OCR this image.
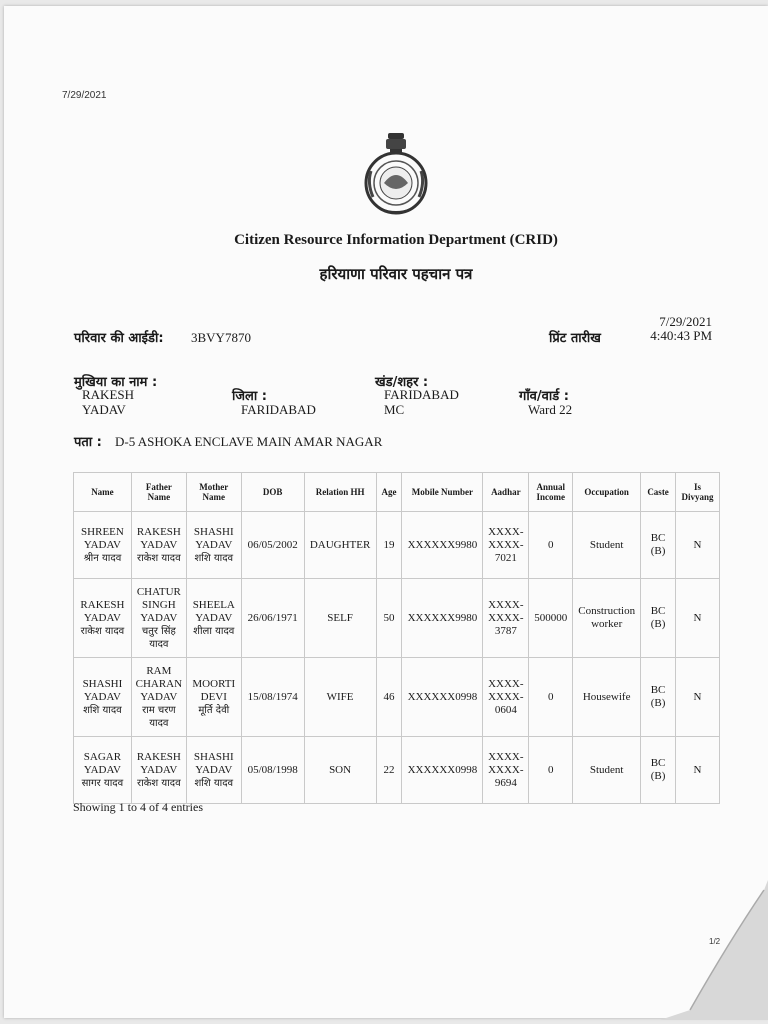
7/29/2021
Citizen Resource Information Department (CRID)
हरियाणा परिवार पहचान पत्र
परिवार की आईडी: 3BVY7870	प्रिंट तारीख
7/29/2021
4:40:43 PM
मुखिया का नाम :
RAKESH
YADAV
जिला :
FARIDABAD
खंड/शहर :
FARIDABAD
MC
गाँव/वार्ड :
Ward 22
पता : D-5 ASHOKA ENCLAVE MAIN AMAR NAGAR
Name	Father Name	Mother Name	DOB	Relation HH	Age	Mobile Number	Aadhar	Annual Income	Occupation	Caste	Is Divyang

SHREEN YADAV
श्रीन यादव	RAKESH YADAV
राकेश यादव	SHASHI YADAV
शशि यादव	06/05/2002	DAUGHTER	19	XXXXXX9980	XXXX-XXXX-7021	0	Student	BC (B)	N

RAKESH YADAV
राकेश यादव	CHATUR SINGH YADAV
चतुर सिंह यादव	SHEELA YADAV
शीला यादव	26/06/1971	SELF	50	XXXXXX9980	XXXX-XXXX-3787	500000	Construction worker	BC (B)	N

SHASHI YADAV
शशि यादव	RAM CHARAN YADAV
राम चरण यादव	MOORTI DEVI
मूर्ति देवी	15/08/1974	WIFE	46	XXXXXX0998	XXXX-XXXX-0604	0	Housewife	BC (B)	N

SAGAR YADAV
सागर यादव	RAKESH YADAV
राकेश यादव	SHASHI YADAV
शशि यादव	05/08/1998	SON	22	XXXXXX0998	XXXX-XXXX-9694	0	Student	BC (B)	N
Showing 1 to 4 of 4 entries
1/2
